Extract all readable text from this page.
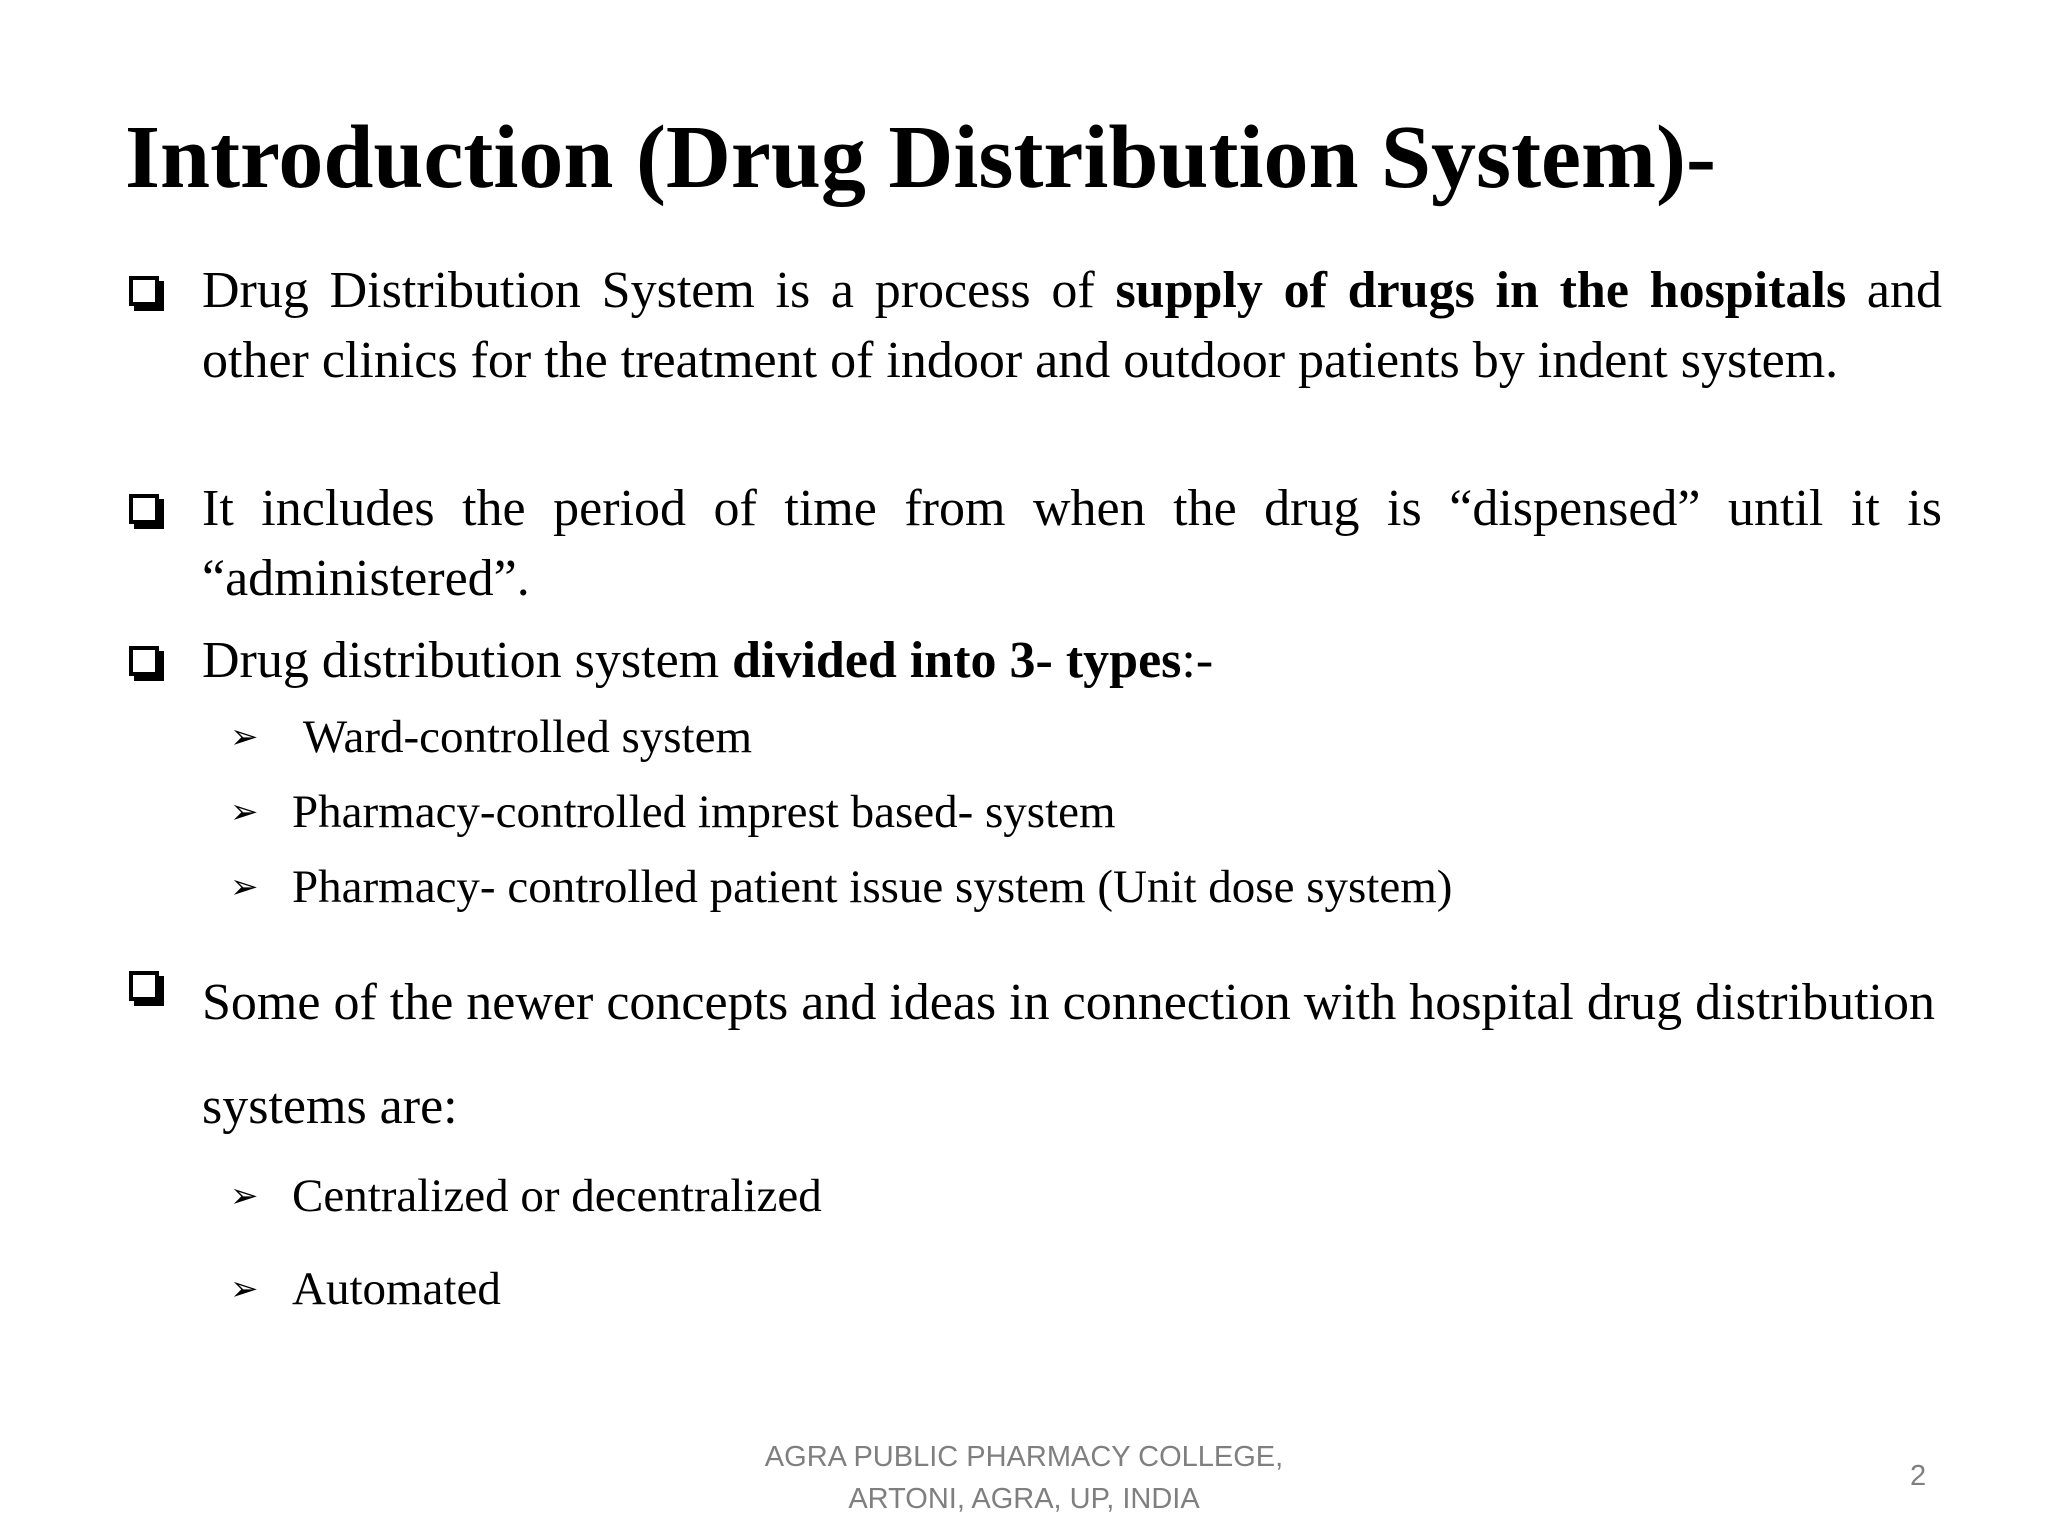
Introduction (Drug Distribution System)-
Drug Distribution System is a process of supply of drugs in the hospitals and other clinics for the treatment of indoor and outdoor patients by indent system.
It includes the period of time from when the drug is “dispensed” until it is “administered”.
Drug distribution system divided into 3- types:-
➢ Ward-controlled system
➢ Pharmacy-controlled imprest based- system
➢ Pharmacy- controlled patient issue system (Unit dose system)
Some of the newer concepts and ideas in connection with hospital drug distribution systems are:
➢ Centralized or decentralized
➢ Automated
AGRA PUBLIC PHARMACY COLLEGE,
ARTONI, AGRA, UP, INDIA
2
